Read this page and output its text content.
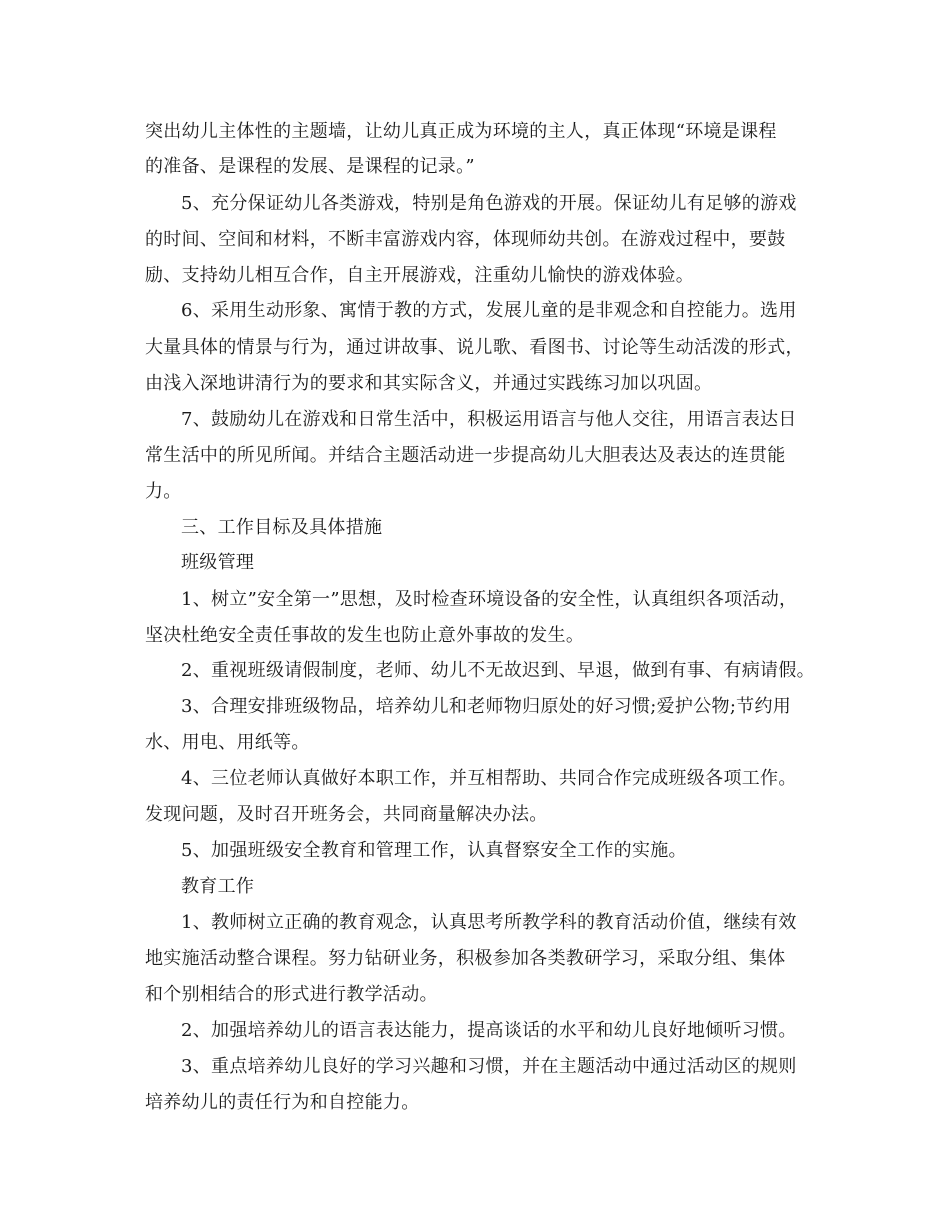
突出幼儿主体性的主题墙，让幼儿真正成为环境的主人，真正体现“环境是课程
的准备、是课程的发展、是课程的记录。”
5、充分保证幼儿各类游戏，特别是角色游戏的开展。保证幼儿有足够的游戏
的时间、空间和材料，不断丰富游戏内容，体现师幼共创。在游戏过程中，要鼓
励、支持幼儿相互合作，自主开展游戏，注重幼儿愉快的游戏体验。
6、采用生动形象、寓情于教的方式，发展儿童的是非观念和自控能力。选用
大量具体的情景与行为，通过讲故事、说儿歌、看图书、讨论等生动活泼的形式，
由浅入深地讲清行为的要求和其实际含义，并通过实践练习加以巩固。
7、鼓励幼儿在游戏和日常生活中，积极运用语言与他人交往，用语言表达日
常生活中的所见所闻。并结合主题活动进一步提高幼儿大胆表达及表达的连贯能
力。
三、工作目标及具体措施
班级管理
1、树立”安全第一”思想，及时检查环境设备的安全性，认真组织各项活动，
坚决杜绝安全责任事故的发生也防止意外事故的发生。
2、重视班级请假制度，老师、幼儿不无故迟到、早退，做到有事、有病请假。
3、合理安排班级物品，培养幼儿和老师物归原处的好习惯;爱护公物;节约用
水、用电、用纸等。
4、三位老师认真做好本职工作，并互相帮助、共同合作完成班级各项工作。
发现问题，及时召开班务会，共同商量解决办法。
5、加强班级安全教育和管理工作，认真督察安全工作的实施。
教育工作
1、教师树立正确的教育观念，认真思考所教学科的教育活动价值，继续有效
地实施活动整合课程。努力钻研业务，积极参加各类教研学习，采取分组、集体
和个别相结合的形式进行教学活动。
2、加强培养幼儿的语言表达能力，提高谈话的水平和幼儿良好地倾听习惯。
3、重点培养幼儿良好的学习兴趣和习惯，并在主题活动中通过活动区的规则
培养幼儿的责任行为和自控能力。
